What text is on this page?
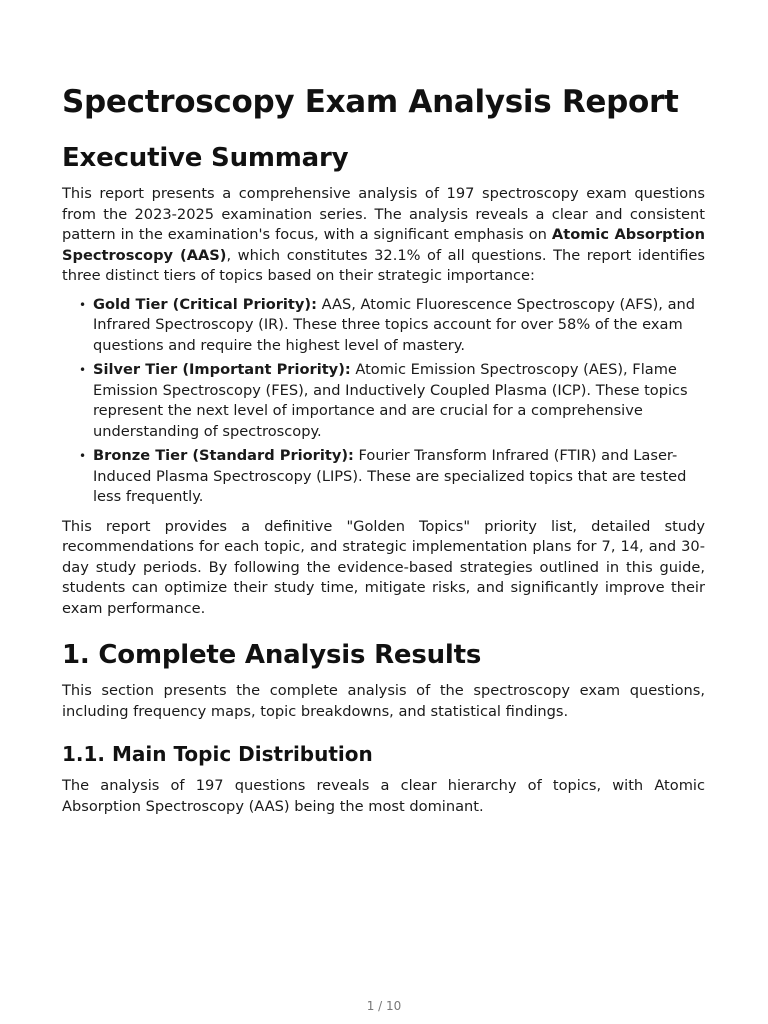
Spectroscopy Exam Analysis Report
Executive Summary

This report presents a comprehensive analysis of 197 spectroscopy exam questions from the 2023-2025 examination series. The analysis reveals a clear and consistent pattern in the examination's focus, with a significant emphasis on Atomic Absorption Spectroscopy (AAS), which constitutes 32.1% of all questions. The report identifies three distinct tiers of topics based on their strategic importance:

• Gold Tier (Critical Priority): AAS, Atomic Fluorescence Spectroscopy (AFS), and Infrared Spectroscopy (IR). These three topics account for over 58% of the exam questions and require the highest level of mastery.
• Silver Tier (Important Priority): Atomic Emission Spectroscopy (AES), Flame Emission Spectroscopy (FES), and Inductively Coupled Plasma (ICP). These topics represent the next level of importance and are crucial for a comprehensive understanding of spectroscopy.
• Bronze Tier (Standard Priority): Fourier Transform Infrared (FTIR) and Laser-Induced Plasma Spectroscopy (LIPS). These are specialized topics that are tested less frequently.

This report provides a definitive "Golden Topics" priority list, detailed study recommendations for each topic, and strategic implementation plans for 7, 14, and 30-day study periods. By following the evidence-based strategies outlined in this guide, students can optimize their study time, mitigate risks, and significantly improve their exam performance.

1. Complete Analysis Results

This section presents the complete analysis of the spectroscopy exam questions, including frequency maps, topic breakdowns, and statistical findings.

1.1. Main Topic Distribution

The analysis of 197 questions reveals a clear hierarchy of topics, with Atomic Absorption Spectroscopy (AAS) being the most dominant.

1 / 10
